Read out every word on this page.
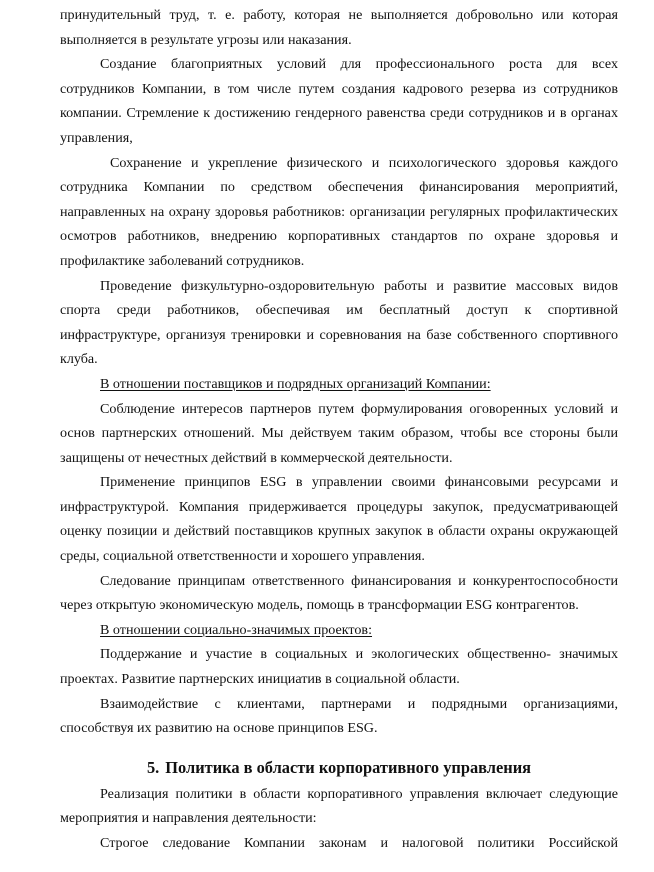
принудительный труд, т. е. работу, которая не выполняется добровольно или которая выполняется в результате угрозы или наказания.

Создание благоприятных условий для профессионального роста для всех сотрудников Компании, в том числе путем создания кадрового резерва из сотрудников компании. Стремление к достижению гендерного равенства среди сотрудников и в органах управления,

Сохранение и укрепление физического и психологического здоровья каждого сотрудника Компании по средством обеспечения финансирования мероприятий, направленных на охрану здоровья работников: организации регулярных профилактических осмотров работников, внедрению корпоративных стандартов по охране здоровья и профилактике заболеваний сотрудников.

Проведение физкультурно-оздоровительную работы и развитие массовых видов спорта среди работников, обеспечивая им бесплатный доступ к спортивной инфраструктуре, организуя тренировки и соревнования на базе собственного спортивного клуба.

В отношении поставщиков и подрядных организаций Компании:

Соблюдение интересов партнеров путем формулирования оговоренных условий и основ партнерских отношений. Мы действуем таким образом, чтобы все стороны были защищены от нечестных действий в коммерческой деятельности.

Применение принципов ESG в управлении своими финансовыми ресурсами и инфраструктурой. Компания придерживается процедуры закупок, предусматривающей оценку позиции и действий поставщиков крупных закупок в области охраны окружающей среды, социальной ответственности и хорошего управления.

Следование принципам ответственного финансирования и конкурентоспособности через открытую экономическую модель, помощь в трансформации ESG контрагентов.

В отношении социально-значимых проектов:

Поддержание и участие в социальных и экологических общественно- значимых проектах. Развитие партнерских инициатив в социальной области.

Взаимодействие с клиентами, партнерами и подрядными организациями, способствуя их развитию на основе принципов ESG.

5. Политика в области корпоративного управления

Реализация политики в области корпоративного управления включает следующие мероприятия и направления деятельности:

Строгое следование Компании законам и налоговой политики Российской
